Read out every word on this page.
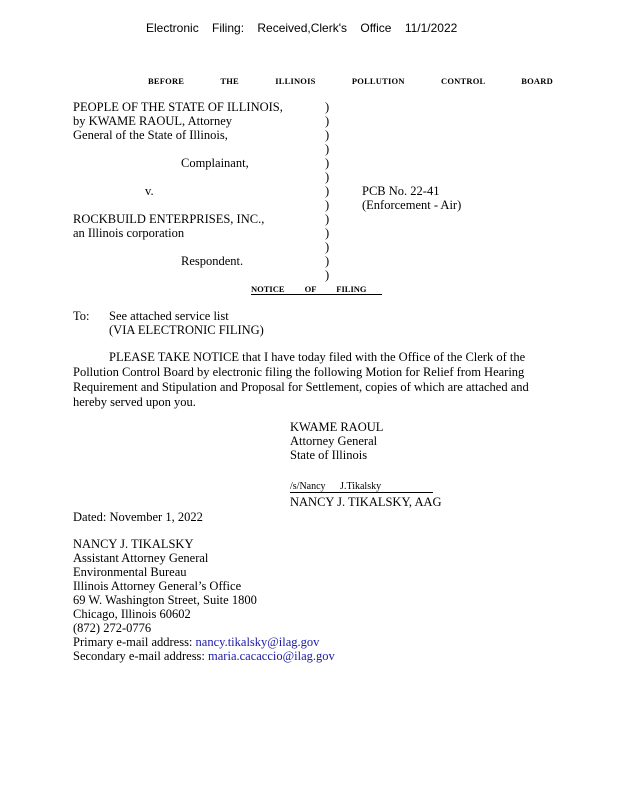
Electronic Filing: Received,Clerk's Office 11/1/2022
BEFORE THE ILLINOIS POLLUTION CONTROL BOARD
PEOPLE OF THE STATE OF ILLINOIS,
by KWAME RAOUL, Attorney
General of the State of Illinois,
Complainant,
v.
ROCKBUILD ENTERPRISES, INC.,
an Illinois corporation
Respondent.
)
)
)
)
)
)
)
)
)
)
)
)
)
PCB No. 22-41
(Enforcement - Air)
NOTICE OF FILING
To: See attached service list
(VIA ELECTRONIC FILING)

PLEASE TAKE NOTICE that I have today filed with the Office of the Clerk of the Pollution Control Board by electronic filing the following Motion for Relief from Hearing Requirement and Stipulation and Proposal for Settlement, copies of which are attached and hereby served upon you.

KWAME RAOUL
Attorney General
State of Illinois
/s/Nancy J.Tikalsky
NANCY J. TIKALSKY, AAG
Dated: November 1, 2022
NANCY J. TIKALSKY
Assistant Attorney General
Environmental Bureau
Illinois Attorney General’s Office
69 W. Washington Street, Suite 1800
Chicago, Illinois 60602
(872) 272-0776
Primary e-mail address: nancy.tikalsky@ilag.gov
Secondary e-mail address: maria.cacaccio@ilag.gov
